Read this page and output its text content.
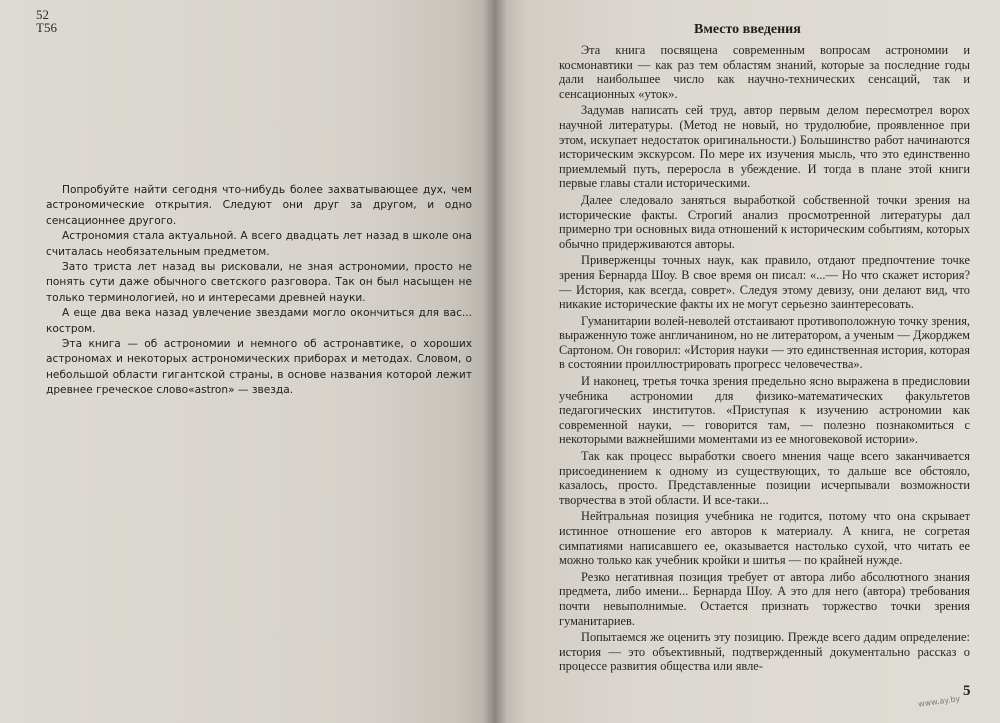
52
Т56

Попробуйте найти сегодня что-нибудь более захватывающее дух, чем астрономические открытия. Следуют они друг за другом, и одно сенсационнее другого.

Астрономия стала актуальной. А всего двадцать лет назад в школе она считалась необязательным предметом.

Зато триста лет назад вы рисковали, не зная астрономии, просто не понять сути даже обычного светского разговора. Так он был насыщен не только терминологией, но и интересами древней науки.

А еще два века назад увлечение звездами могло окончиться для вас... костром.

Эта книга — об астрономии и немного об астронавтике, о хороших астрономах и некоторых астрономических приборах и методах. Словом, о небольшой области гигантской страны, в основе названия которой лежит древнее греческое слово«astron» — звезда.

Вместо введения

Эта книга посвящена современным вопросам астрономии и космонавтики — как раз тем областям знаний, которые за последние годы дали наибольшее число как научно-технических сенсаций, так и сенсационных «уток».

Задумав написать сей труд, автор первым делом пересмотрел ворох научной литературы. (Метод не новый, но трудолюбие, проявленное при этом, искупает недостаток оригинальности.) Большинство работ начинаются историческим экскурсом. По мере их изучения мысль, что это единственно приемлемый путь, переросла в убеждение. И тогда в плане этой книги первые главы стали историческими.

Далее следовало заняться выработкой собственной точки зрения на исторические факты. Строгий анализ просмотренной литературы дал примерно три основных вида отношений к историческим событиям, которых обычно придерживаются авторы.

Приверженцы точных наук, как правило, отдают предпочтение точке зрения Бернарда Шоу. В свое время он писал: «...— Но что скажет история? — История, как всегда, соврет». Следуя этому девизу, они делают вид, что никакие исторические факты их не могут серьезно заинтересовать.

Гуманитарии волей-неволей отстаивают противоположную точку зрения, выраженную тоже англичанином, но не литератором, а ученым — Джорджем Сартоном. Он говорил: «История науки — это единственная история, которая в состоянии проиллюстрировать прогресс человечества».

И наконец, третья точка зрения предельно ясно выражена в предисловии учебника астрономии для физико-математических факультетов педагогических институтов. «Приступая к изучению астрономии как современной науки, — говорится там, — полезно познакомиться с некоторыми важнейшими моментами из ее многовековой истории».

Так как процесс выработки своего мнения чаще всего заканчивается присоединением к одному из существующих, то дальше все обстояло, казалось, просто. Представленные позиции исчерпывали возможности творчества в этой области. И все-таки...

Нейтральная позиция учебника не годится, потому что она скрывает истинное отношение его авторов к материалу. А книга, не согретая симпатиями написавшего ее, оказывается настолько сухой, что читать ее можно только как учебник кройки и шитья — по крайней нужде.

Резко негативная позиция требует от автора либо абсолютного знания предмета, либо имени... Бернарда Шоу. А это для него (автора) требования почти невыполнимые. Остается признать торжество точки зрения гуманитариев.

Попытаемся же оценить эту позицию. Прежде всего дадим определение: история — это объективный, подтвержденный документально рассказ о процессе развития общества или явле-

5
www.ay.by
